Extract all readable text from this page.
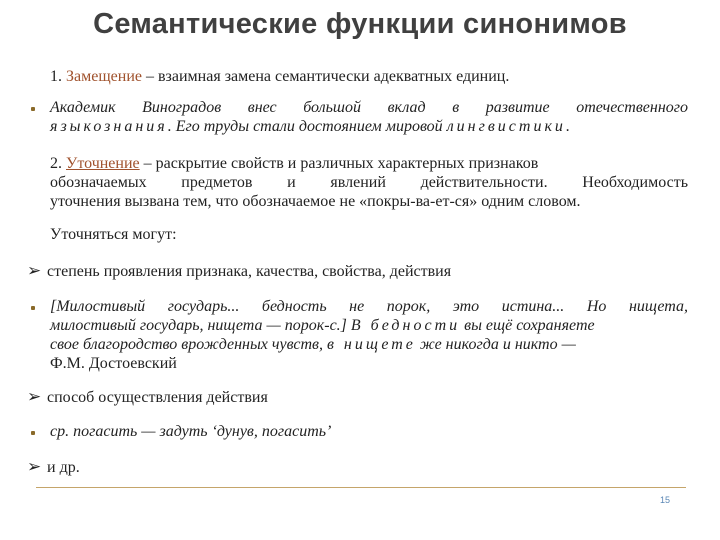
Семантические функции синонимов
1. Замещение – взаимная замена семантически адекватных единиц.
Академик Виноградов внес большой вклад в развитие отечественного
языкознания. Его труды стали достоянием мировой лингвистики.
2. Уточнение – раскрытие свойств и различных характерных признаков
обозначаемых предметов и явлений действительности. Необходимость
уточнения вызвана тем, что обозначаемое не «покры-ва-ет-ся» одним словом.
Уточняться могут:
➢ степень проявления признака, качества, свойства, действия
[Милостивый государь... бедность не порок, это истина... Но нищета,
милостивый государь, нищета — порок-с.] В бедности вы ещё сохраняете
свое благородство врожденных чувств, в нищете же никогда и никто —
Ф.М. Достоевский
➢ способ осуществления действия
ср. погасить — задуть ‘дунув, погасить’
➢ и др.
15
